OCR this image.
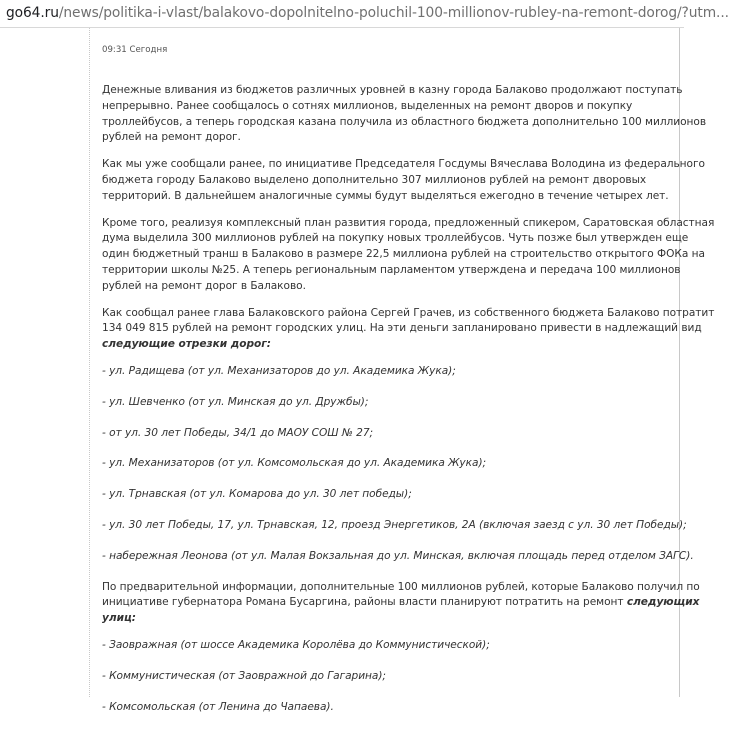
go64.ru/news/politika-i-vlast/balakovo-dopolnitelno-poluchil-100-millionov-rubley-na-remont-dorog/?utm...
09:31 Сегодня
Денежные вливания из бюджетов различных уровней в казну города Балаково продолжают поступать
непрерывно. Ранее сообщалось о сотнях миллионов, выделенных на ремонт дворов и покупку
троллейбусов, а теперь городская казана получила из областного бюджета дополнительно 100 миллионов
рублей на ремонт дорог.
Как мы уже сообщали ранее, по инициативе Председателя Госдумы Вячеслава Володина из федерального
бюджета городу Балаково выделено дополнительно 307 миллионов рублей на ремонт дворовых
территорий. В дальнейшем аналогичные суммы будут выделяться ежегодно в течение четырех лет.
Кроме того, реализуя комплексный план развития города, предложенный спикером, Саратовская областная
дума выделила 300 миллионов рублей на покупку новых троллейбусов. Чуть позже был утвержден еще
один бюджетный транш в Балаково в размере 22,5 миллиона рублей на строительство открытого ФОКа на
территории школы №25. А теперь региональным парламентом утверждена и передача 100 миллионов
рублей на ремонт дорог в Балаково.
Как сообщал ранее глава Балаковского района Сергей Грачев, из собственного бюджета Балаково потратит
134 049 815 рублей на ремонт городских улиц. На эти деньги запланировано привести в надлежащий вид
следующие отрезки дорог:
- ул. Радищева (от ул. Механизаторов до ул. Академика Жука);
- ул. Шевченко (от ул. Минская до ул. Дружбы);
- от ул. 30 лет Победы, 34/1 до МАОУ СОШ № 27;
- ул. Механизаторов (от ул. Комсомольская до ул. Академика Жука);
- ул. Трнавская (от ул. Комарова до ул. 30 лет победы);
- ул. 30 лет Победы, 17, ул. Трнавская, 12, проезд Энергетиков, 2А (включая заезд с ул. 30 лет Победы);
- набережная Леонова (от ул. Малая Вокзальная до ул. Минская, включая площадь перед отделом ЗАГС).
По предварительной информации, дополнительные 100 миллионов рублей, которые Балаково получил по
инициативе губернатора Романа Бусаргина, районы власти планируют потратить на ремонт следующих
улиц:
- Заовражная (от шоссе Академика Королёва до Коммунистической);
- Коммунистическая (от Заовражной до Гагарина);
- Комсомольская (от Ленина до Чапаева).
